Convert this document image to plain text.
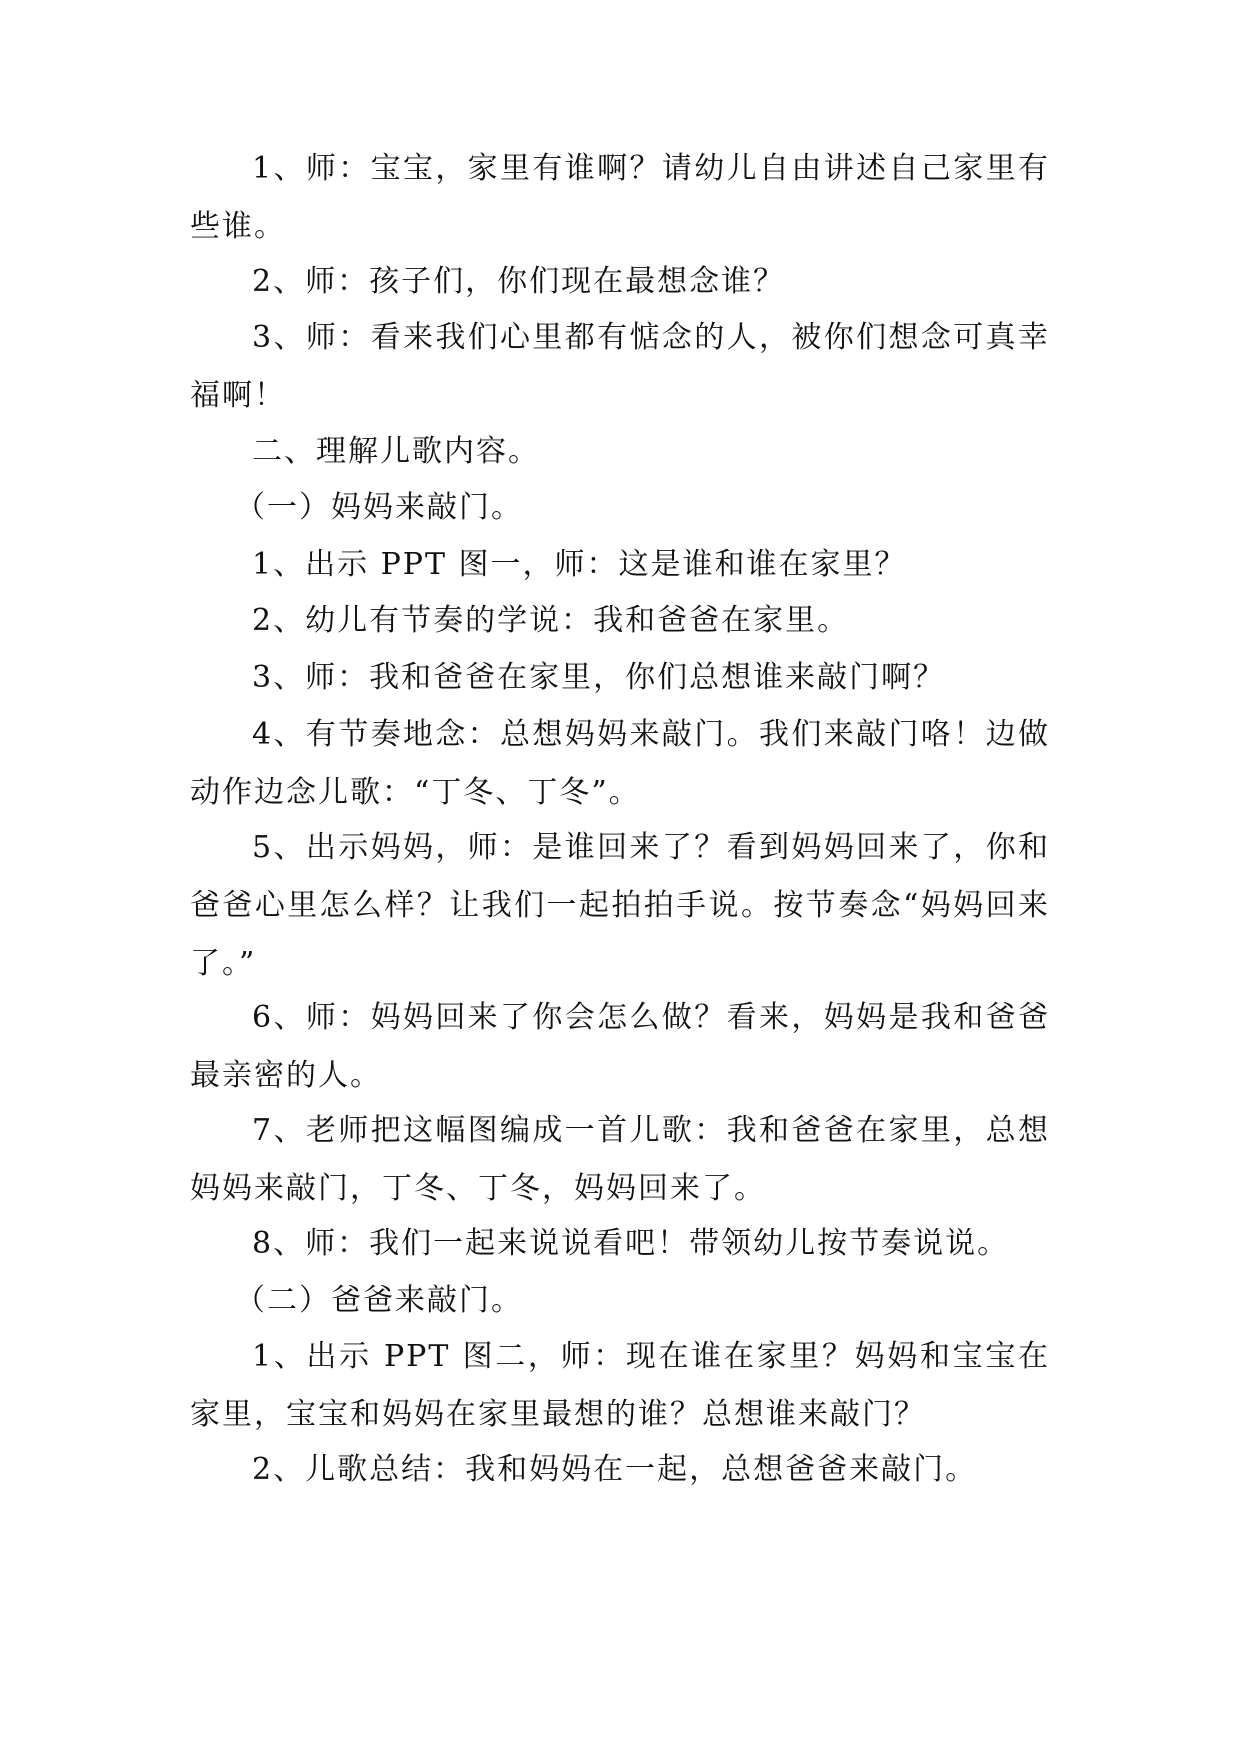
1、师：宝宝，家里有谁啊？请幼儿自由讲述自己家里有些谁。

2、师：孩子们，你们现在最想念谁？

3、师：看来我们心里都有惦念的人，被你们想念可真幸福啊！

二、理解儿歌内容。

（一）妈妈来敲门。

1、出示 PPT 图一，师：这是谁和谁在家里？

2、幼儿有节奏的学说：我和爸爸在家里。

3、师：我和爸爸在家里，你们总想谁来敲门啊？

4、有节奏地念：总想妈妈来敲门。我们来敲门咯！边做动作边念儿歌：“丁冬、丁冬”。

5、出示妈妈，师：是谁回来了？看到妈妈回来了，你和爸爸心里怎么样？让我们一起拍拍手说。按节奏念“妈妈回来了。”

6、师：妈妈回来了你会怎么做？看来，妈妈是我和爸爸最亲密的人。

7、老师把这幅图编成一首儿歌：我和爸爸在家里，总想妈妈来敲门，丁冬、丁冬，妈妈回来了。

8、师：我们一起来说说看吧！带领幼儿按节奏说说。

（二）爸爸来敲门。

1、出示 PPT 图二，师：现在谁在家里？妈妈和宝宝在家里，宝宝和妈妈在家里最想的谁？总想谁来敲门？

2、儿歌总结：我和妈妈在一起，总想爸爸来敲门。
